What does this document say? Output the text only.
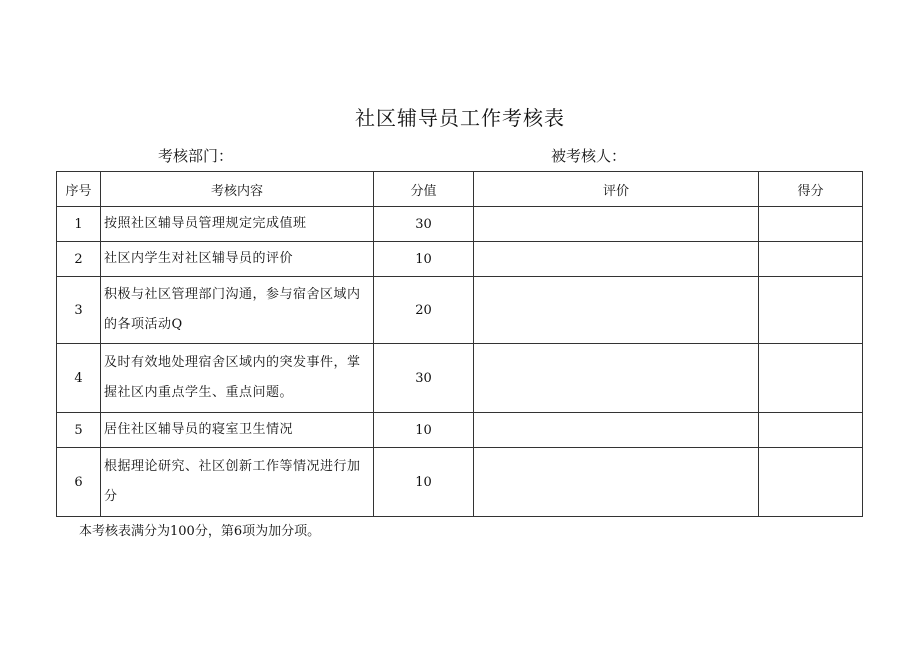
社区辅导员工作考核表
考核部门：	被考核人：
序号	考核内容	分值	评价	得分
1	按照社区辅导员管理规定完成值班	30		
2	社区内学生对社区辅导员的评价	10		
3	积极与社区管理部门沟通，参与宿舍区域内的各项活动Q	20		
4	及时有效地处理宿舍区域内的突发事件，掌握社区内重点学生、重点问题。	30		
5	居住社区辅导员的寝室卫生情况	10		
6	根据理论研究、社区创新工作等情况进行加分	10		
本考核表满分为100分，第6项为加分项。
